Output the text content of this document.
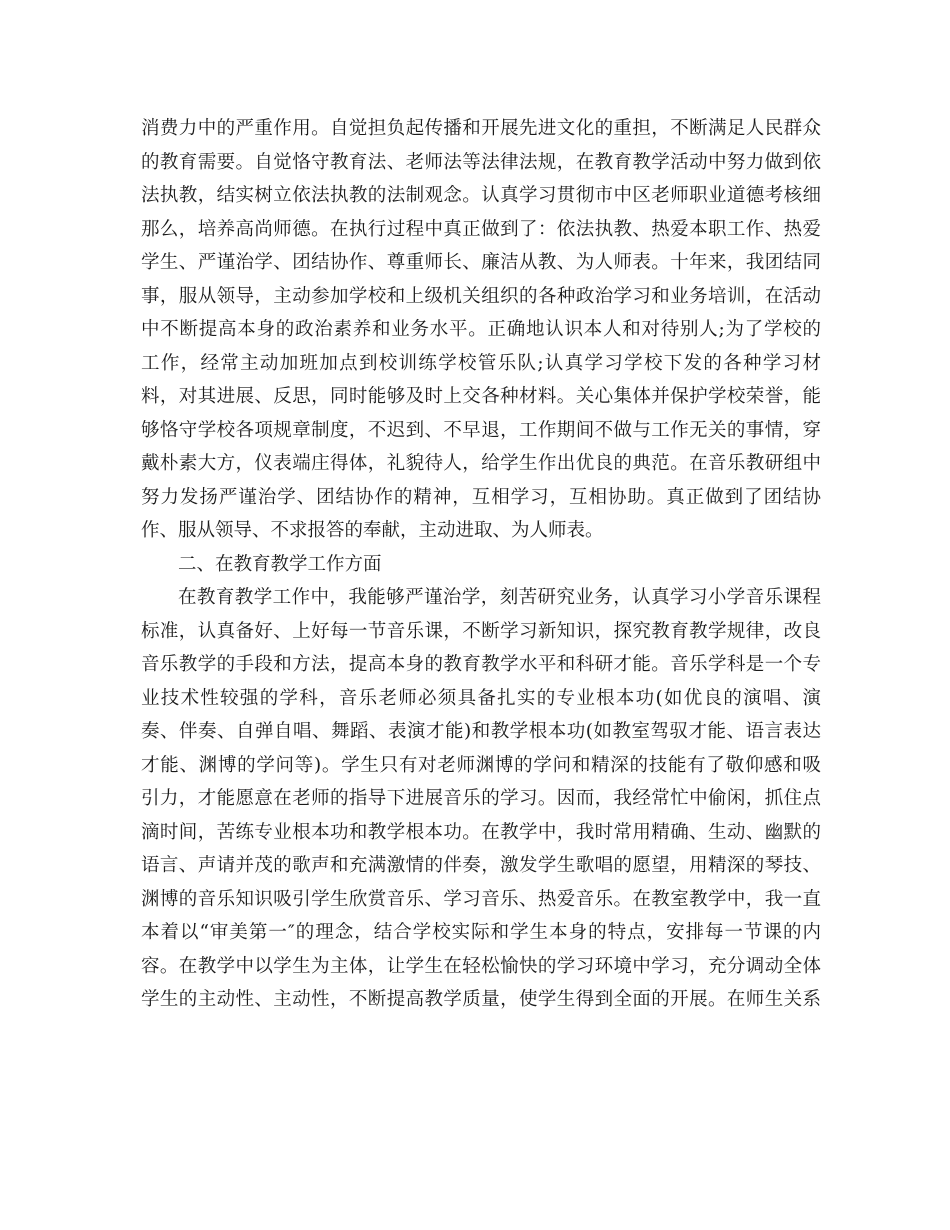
消费力中的严重作用。自觉担负起传播和开展先进文化的重担，不断满足人民群众
的教育需要。自觉恪守教育法、老师法等法律法规，在教育教学活动中努力做到依
法执教，结实树立依法执教的法制观念。认真学习贯彻市中区老师职业道德考核细
那么，培养高尚师德。在执行过程中真正做到了：依法执教、热爱本职工作、热爱
学生、严谨治学、团结协作、尊重师长、廉洁从教、为人师表。十年来，我团结同
事，服从领导，主动参加学校和上级机关组织的各种政治学习和业务培训，在活动
中不断提高本身的政治素养和业务水平。正确地认识本人和对待别人;为了学校的
工作，经常主动加班加点到校训练学校管乐队;认真学习学校下发的各种学习材
料，对其进展、反思，同时能够及时上交各种材料。关心集体并保护学校荣誉，能
够恪守学校各项规章制度，不迟到、不早退，工作期间不做与工作无关的事情，穿
戴朴素大方，仪表端庄得体，礼貌待人，给学生作出优良的典范。在音乐教研组中
努力发扬严谨治学、团结协作的精神，互相学习，互相协助。真正做到了团结协
作、服从领导、不求报答的奉献，主动进取、为人师表。
二、在教育教学工作方面
在教育教学工作中，我能够严谨治学，刻苦研究业务，认真学习小学音乐课程
标准，认真备好、上好每一节音乐课，不断学习新知识，探究教育教学规律，改良
音乐教学的手段和方法，提高本身的教育教学水平和科研才能。音乐学科是一个专
业技术性较强的学科，音乐老师必须具备扎实的专业根本功(如优良的演唱、演
奏、伴奏、自弹自唱、舞蹈、表演才能)和教学根本功(如教室驾驭才能、语言表达
才能、渊博的学问等)。学生只有对老师渊博的学问和精深的技能有了敬仰感和吸
引力，才能愿意在老师的指导下进展音乐的学习。因而，我经常忙中偷闲，抓住点
滴时间，苦练专业根本功和教学根本功。在教学中，我时常用精确、生动、幽默的
语言、声请并茂的歌声和充满激情的伴奏，激发学生歌唱的愿望，用精深的琴技、
渊博的音乐知识吸引学生欣赏音乐、学习音乐、热爱音乐。在教室教学中，我一直
本着以“审美第一″的理念，结合学校实际和学生本身的特点，安排每一节课的内
容。在教学中以学生为主体，让学生在轻松愉快的学习环境中学习，充分调动全体
学生的主动性、主动性，不断提高教学质量，使学生得到全面的开展。在师生关系
